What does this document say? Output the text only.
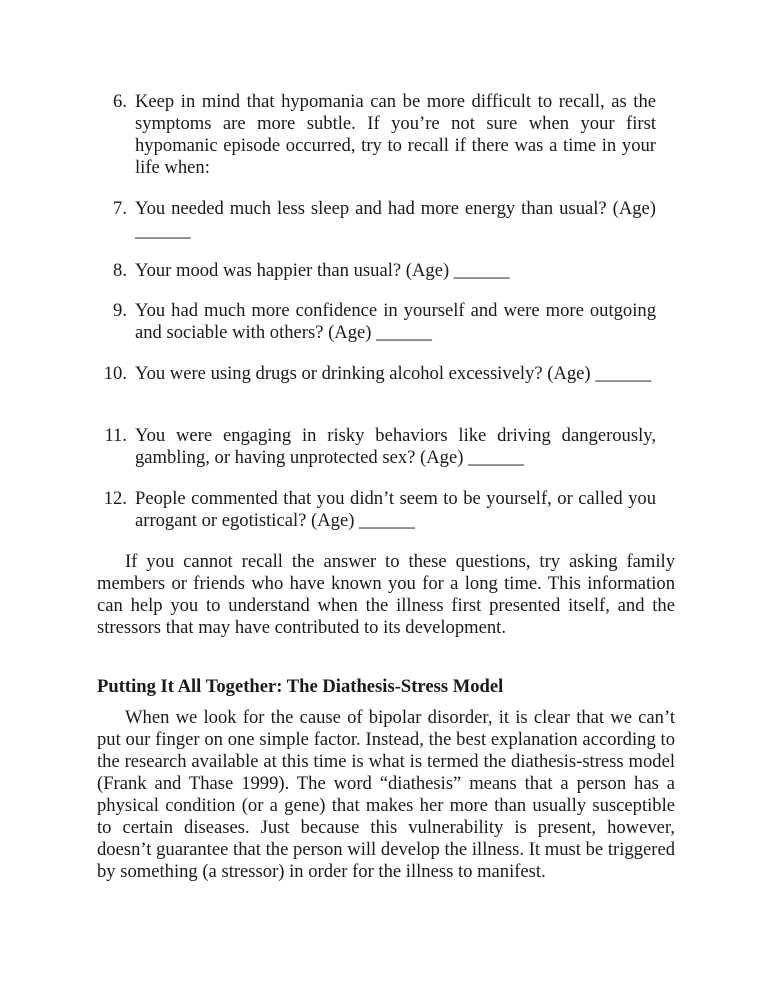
6. Keep in mind that hypomania can be more difficult to recall, as the symptoms are more subtle. If you’re not sure when your first hypomanic episode occurred, try to recall if there was a time in your life when:
7. You needed much less sleep and had more energy than usual? (Age) ______
8. Your mood was happier than usual? (Age) ______
9. You had much more confidence in yourself and were more outgoing and sociable with others? (Age) ______
10. You were using drugs or drinking alcohol excessively? (Age) ______
11. You were engaging in risky behaviors like driving dangerously, gambling, or having unprotected sex? (Age) ______
12. People commented that you didn’t seem to be yourself, or called you arrogant or egotistical? (Age) ______

If you cannot recall the answer to these questions, try asking family members or friends who have known you for a long time. This information can help you to understand when the illness first presented itself, and the stressors that may have contributed to its development.

Putting It All Together: The Diathesis-Stress Model

When we look for the cause of bipolar disorder, it is clear that we can’t put our finger on one simple factor. Instead, the best explanation according to the research available at this time is what is termed the diathesis-stress model (Frank and Thase 1999). The word “diathesis” means that a person has a physical condition (or a gene) that makes her more than usually susceptible to certain diseases. Just because this vulnerability is present, however, doesn’t guarantee that the person will develop the illness. It must be triggered by something (a stressor) in order for the illness to manifest.
